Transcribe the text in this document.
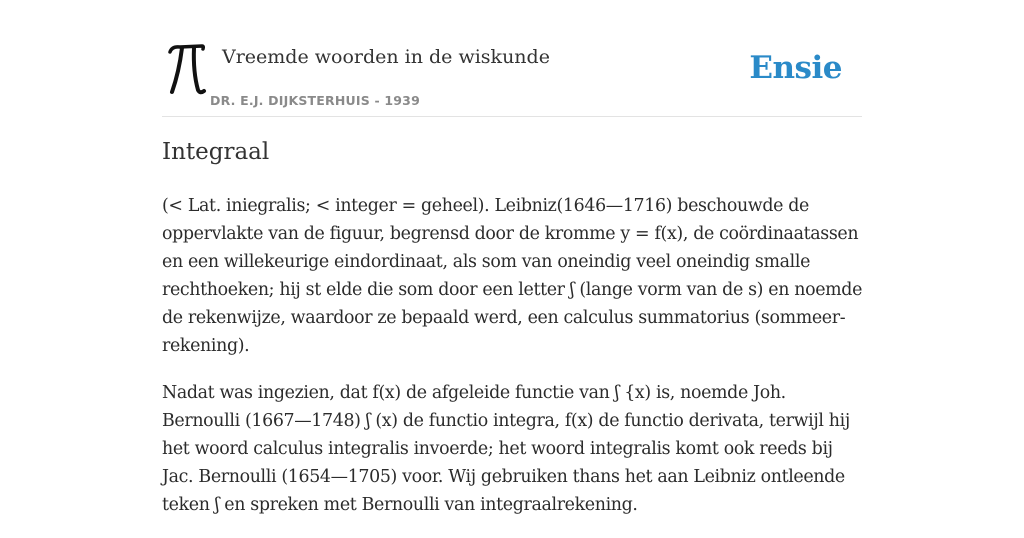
Vreemde woorden in de wiskunde
DR. E.J. DIJKSTERHUIS - 1939
Ensie
Integraal

(< Lat. iniegralis; < integer = geheel). Leibniz(1646—1716) beschouwde de oppervlakte van de figuur, begrensd door de kromme y = f(x), de coördinaatassen en een willekeurige eindordinaat, als som van oneindig veel oneindig smalle rechthoeken; hij st elde die som door een letter ʃ (lange vorm van de s) en noemde de rekenwijze, waardoor ze bepaald werd, een calculus summatorius (sommeer-rekening).

Nadat was ingezien, dat f(x) de afgeleide functie van ʃ {x) is, noemde Joh. Bernoulli (1667—1748) ʃ (x) de functio integra, f(x) de functio derivata, terwijl hij het woord calculus integralis invoerde; het woord integralis komt ook reeds bij Jac. Bernoulli (1654—1705) voor. Wij gebruiken thans het aan Leibniz ontleende teken ʃ en spreken met Bernoulli van integraalrekening.
